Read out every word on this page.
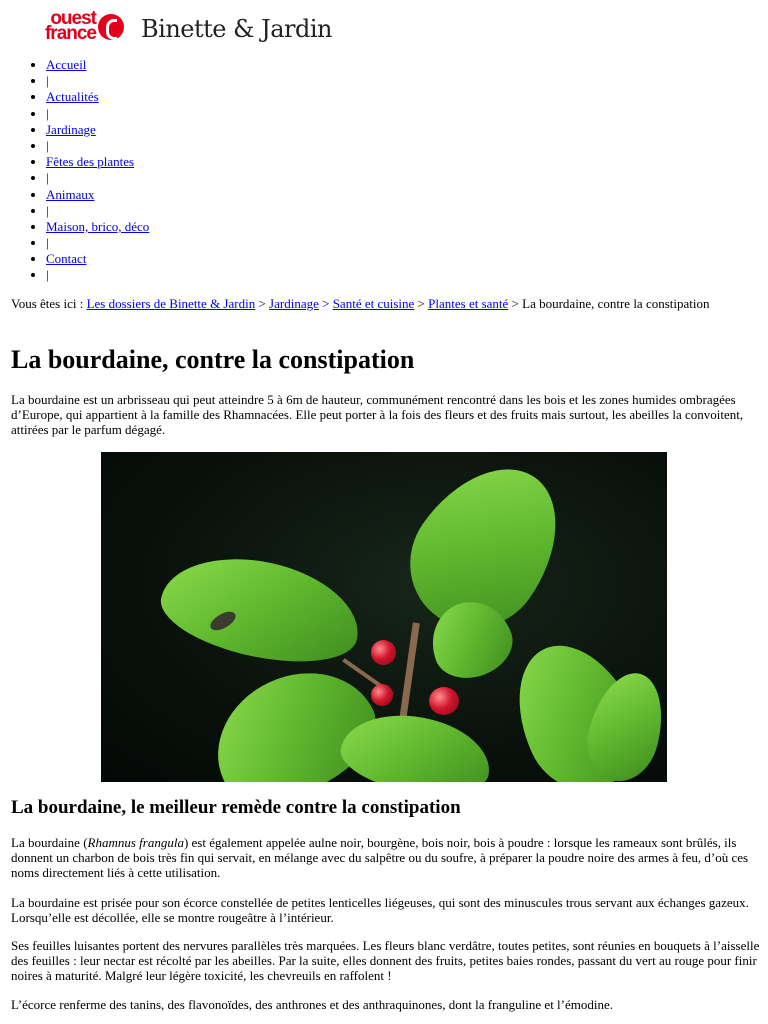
ouest france Binette & Jardin
• Accueil
• |
• Actualités
• |
• Jardinage
• |
• Fêtes des plantes
• |
• Animaux
• |
• Maison, brico, déco
• |
• Contact
• |
Vous êtes ici : Les dossiers de Binette & Jardin > Jardinage > Santé et cuisine > Plantes et santé > La bourdaine, contre la constipation
La bourdaine, contre la constipation

La bourdaine est un arbrisseau qui peut atteindre 5 à 6m de hauteur, communément rencontré dans les bois et les zones humides ombragées d’Europe, qui appartient à la famille des Rhamnacées. Elle peut porter à la fois des fleurs et des fruits mais surtout, les abeilles la convoitent, attirées par le parfum dégagé.

La bourdaine, le meilleur remède contre la constipation

La bourdaine (Rhamnus frangula) est également appelée aulne noir, bourgène, bois noir, bois à poudre : lorsque les rameaux sont brûlés, ils donnent un charbon de bois très fin qui servait, en mélange avec du salpêtre ou du soufre, à préparer la poudre noire des armes à feu, d’où ces noms directement liés à cette utilisation.

La bourdaine est prisée pour son écorce constellée de petites lenticelles liégeuses, qui sont des minuscules trous servant aux échanges gazeux. Lorsqu’elle est décollée, elle se montre rougeâtre à l’intérieur.

Ses feuilles luisantes portent des nervures parallèles très marquées. Les fleurs blanc verdâtre, toutes petites, sont réunies en bouquets à l’aisselle des feuilles : leur nectar est récolté par les abeilles. Par la suite, elles donnent des fruits, petites baies rondes, passant du vert au rouge pour finir noires à maturité. Malgré leur légère toxicité, les chevreuils en raffolent !

L’écorce renferme des tanins, des flavonoïdes, des anthrones et des anthraquinones, dont la franguline et l’émodine.
